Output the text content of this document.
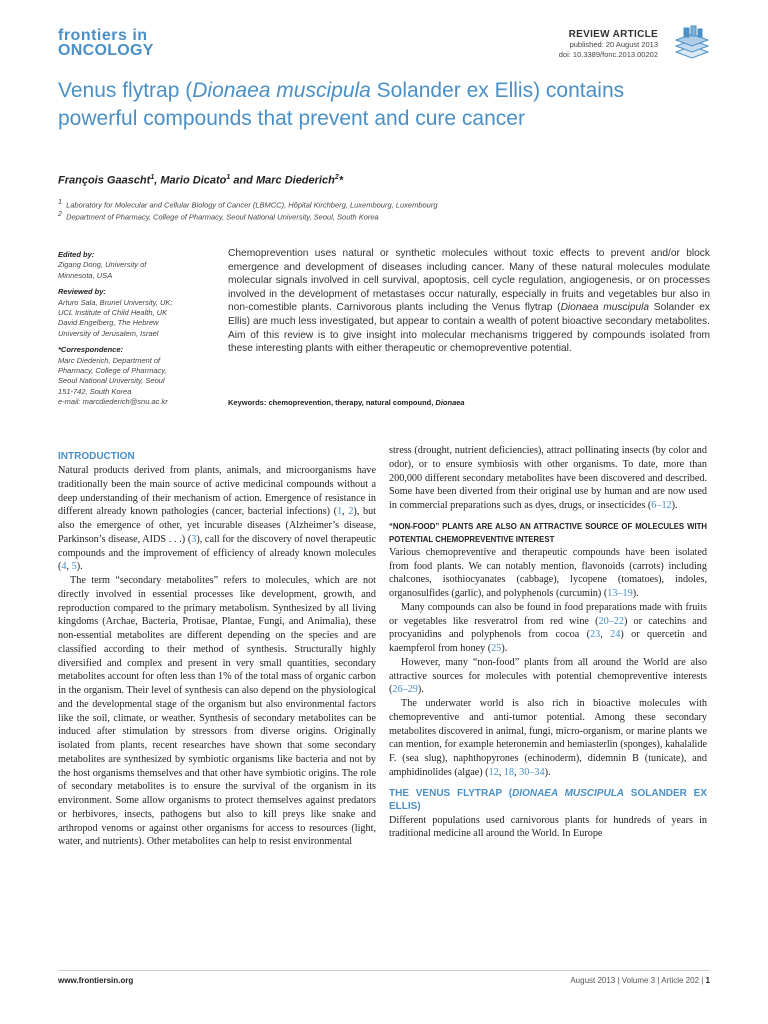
frontiers in
ONCOLOGY
REVIEW ARTICLE
published: 20 August 2013
doi: 10.3389/fonc.2013.00202
Venus flytrap (Dionaea muscipula Solander ex Ellis) contains powerful compounds that prevent and cure cancer
François Gaascht$^1$, Mario Dicato$^1$ and Marc Diederich$^2$*
$^1$ Laboratory for Molecular and Cellular Biology of Cancer (LBMCC), Hôpital Kirchberg, Luxembourg, Luxembourg
$^2$ Department of Pharmacy, College of Pharmacy, Seoul National University, Seoul, South Korea
Edited by:
Zigang Dong, University of
Minnesota, USA
Reviewed by:
Arturo Sala, Brunel University, UK;
UCL Institute of Child Health, UK
David Engelberg, The Hebrew
University of Jerusalem, Israel
*Correspondence:
Marc Diederich, Department of
Pharmacy, College of Pharmacy,
Seoul National University, Seoul
151-742, South Korea
e-mail: marcdiederich@snu.ac.kr
Chemoprevention uses natural or synthetic molecules without toxic effects to prevent and/or block emergence and development of diseases including cancer. Many of these natural molecules modulate molecular signals involved in cell survival, apoptosis, cell cycle regulation, angiogenesis, or on processes involved in the development of metastases occur naturally, especially in fruits and vegetables bur also in non-comestible plants. Carnivorous plants including the Venus flytrap (Dionaea muscipula Solander ex Ellis) are much less investigated, but appear to contain a wealth of potent bioactive secondary metabolites. Aim of this review is to give insight into molecular mechanisms triggered by compounds isolated from these interesting plants with either therapeutic or chemopreventive potential.
Keywords: chemoprevention, therapy, natural compound, Dionaea
INTRODUCTION

Natural products derived from plants, animals, and microorganisms have traditionally been the main source of active medicinal compounds without a deep understanding of their mechanism of action. Emergence of resistance in different already known pathologies (cancer, bacterial infections) (1, 2), but also the emergence of other, yet incurable diseases (Alzheimer’s disease, Parkinson’s disease, AIDS . . .) (3), call for the discovery of novel therapeutic compounds and the improvement of efficiency of already known molecules (4, 5).

The term “secondary metabolites” refers to molecules, which are not directly involved in essential processes like development, growth, and reproduction compared to the primary metabolism. Synthesized by all living kingdoms (Archae, Bacteria, Protisae, Plantae, Fungi, and Animalia), these non-essential metabolites are different depending on the species and are classified according to their method of synthesis. Structurally highly diversified and complex and present in very small quantities, secondary metabolites account for often less than 1% of the total mass of organic carbon in the organism. Their level of synthesis can also depend on the physiological and the developmental stage of the organism but also environmental factors like the soil, climate, or weather. Synthesis of secondary metabolites can be induced after stimulation by stressors from diverse origins. Originally isolated from plants, recent researches have shown that some secondary metabolites are synthesized by symbiotic organisms like bacteria and not by the host organisms themselves and that other have symbiotic origins. The role of secondary metabolites is to ensure the survival of the organism in its environment. Some allow organisms to protect themselves against predators or herbivores, insects, pathogens but also to kill preys like snake and arthropod venoms or against other organisms for access to resources (light, water, and nutrients). Other metabolites can help to resist environmental

stress (drought, nutrient deficiencies), attract pollinating insects (by color and odor), or to ensure symbiosis with other organisms. To date, more than 200,000 different secondary metabolites have been discovered and described. Some have been diverted from their original use by human and are now used in commercial preparations such as dyes, drugs, or insecticides (6–12).

“NON-FOOD” PLANTS ARE ALSO AN ATTRACTIVE SOURCE OF MOLECULES WITH POTENTIAL CHEMOPREVENTIVE INTEREST

Various chemopreventive and therapeutic compounds have been isolated from food plants. We can notably mention, flavonoids (carrots) including chalcones, isothiocyanates (cabbage), lycopene (tomatoes), indoles, organosulfides (garlic), and polyphenols (curcumin) (13–19).

Many compounds can also be found in food preparations made with fruits or vegetables like resveratrol from red wine (20–22) or catechins and procyanidins and polyphenols from cocoa (23, 24) or quercetin and kaempferol from honey (25).

However, many “non-food” plants from all around the World are also attractive sources for molecules with potential chemopreventive interests (26–29).

The underwater world is also rich in bioactive molecules with chemopreventive and anti-tumor potential. Among these secondary metabolites discovered in animal, fungi, micro-organism, or marine plants we can mention, for example heteronemin and hemiasterlin (sponges), kahalalide F. (sea slug), naphthopyrones (echinoderm), didemnin B (tunicate), and amphidinolides (algae) (12, 18, 30–34).

THE VENUS FLYTRAP (DIONAEA MUSCIPULA SOLANDER EX ELLIS)

Different populations used carnivorous plants for hundreds of years in traditional medicine all around the World. In Europe

www.frontiersin.org	August 2013 | Volume 3 | Article 202 | 1
